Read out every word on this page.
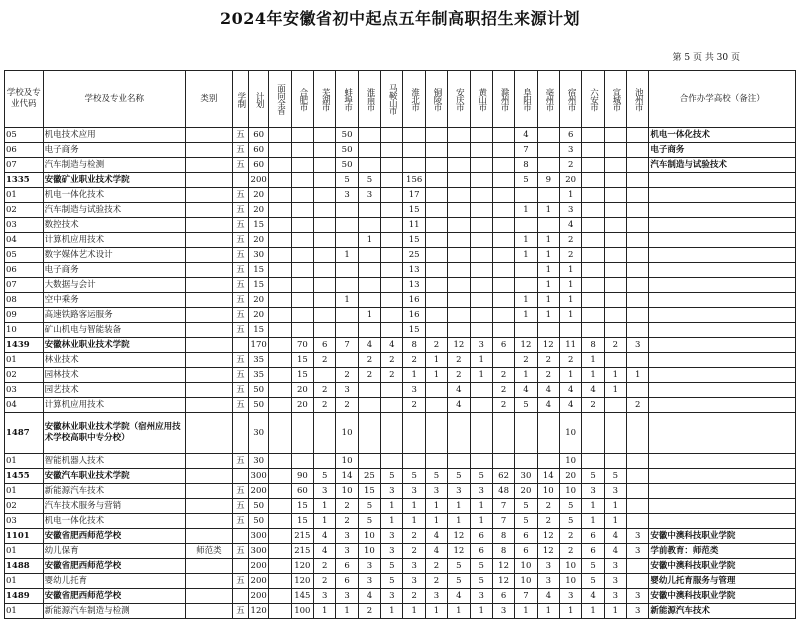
2024年安徽省初中起点五年制高职招生来源计划
第 5 页 共 30 页
学校及专业代码	学校及专业名称	类别	学制	计划	面向全省	合肥市	芜湖市	蚌埠市	淮南市	马鞍山市	淮北市	铜陵市	安庆市	黄山市	滁州市	阜阳市	亳州市	宿州市	六安市	宣城市	池州市	合作办学高校（备注）
05	机电技术应用		五	60				50								4		6				机电一体化技术
06	电子商务		五	60				50								7		3				电子商务
07	汽车制造与检测		五	60				50								8		2				汽车制造与试验技术
1335	安徽矿业职业技术学院			200				5	5		156					5	9	20				
01	机电一体化技术		五	20				3	3		17							1				
02	汽车制造与试验技术		五	20							15					1	1	3				
03	数控技术		五	15							11							4				
04	计算机应用技术		五	20					1		15					1	1	2				
05	数字媒体艺术设计		五	30				1			25					1	1	2				
06	电子商务		五	15							13						1	1				
07	大数据与会计		五	15							13						1	1				
08	空中乘务		五	20				1			16					1	1	1				
09	高速铁路客运服务		五	20					1		16					1	1	1				
10	矿山机电与智能装备		五	15							15											
1439	安徽林业职业技术学院			170		70	6	7	4	4	8	2	12	3	6	12	12	11	8	2	3	
01	林业技术		五	35		15	2		2	2	2	1	2	1		2	2	2	1			
02	园林技术		五	35		15		2	2	2	1	1	2	1	2	1	2	1	1	1	1	
03	园艺技术		五	50		20	2	3			3		4		2	4	4	4	4	1		
04	计算机应用技术		五	50		20	2	2			2		4		2	5	4	4	2		2	
1487	安徽林业职业技术学院（宿州应用技术学校高职中专分校）			30				10										10				
01	智能机器人技术		五	30				10										10				
1455	安徽汽车职业技术学院			300		90	5	14	25	5	5	5	5	5	62	30	14	20	5	5		
01	新能源汽车技术		五	200		60	3	10	15	3	3	3	3	3	48	20	10	10	3	3		
02	汽车技术服务与营销		五	50		15	1	2	5	1	1	1	1	1	7	5	2	5	1	1		
03	机电一体化技术		五	50		15	1	2	5	1	1	1	1	1	7	5	2	5	1	1		
1101	安徽省肥西师范学校			300		215	4	3	10	3	2	4	12	6	8	6	12	2	6	4	3	安徽中澳科技职业学院
01	幼儿保育	师范类	五	300		215	4	3	10	3	2	4	12	6	8	6	12	2	6	4	3	学前教育：师范类
1488	安徽省肥西师范学校			200		120	2	6	3	5	3	2	5	5	12	10	3	10	5	3		安徽中澳科技职业学院
01	婴幼儿托育		五	200		120	2	6	3	5	3	2	5	5	12	10	3	10	5	3		婴幼儿托育服务与管理
1489	安徽省肥西师范学校			200		145	3	3	4	3	2	3	4	3	6	7	4	3	4	3	3	安徽中澳科技职业学院
01	新能源汽车制造与检测		五	120		100	1	1	2	1	1	1	1	1	3	1	1	1	1	1	3	新能源汽车技术
